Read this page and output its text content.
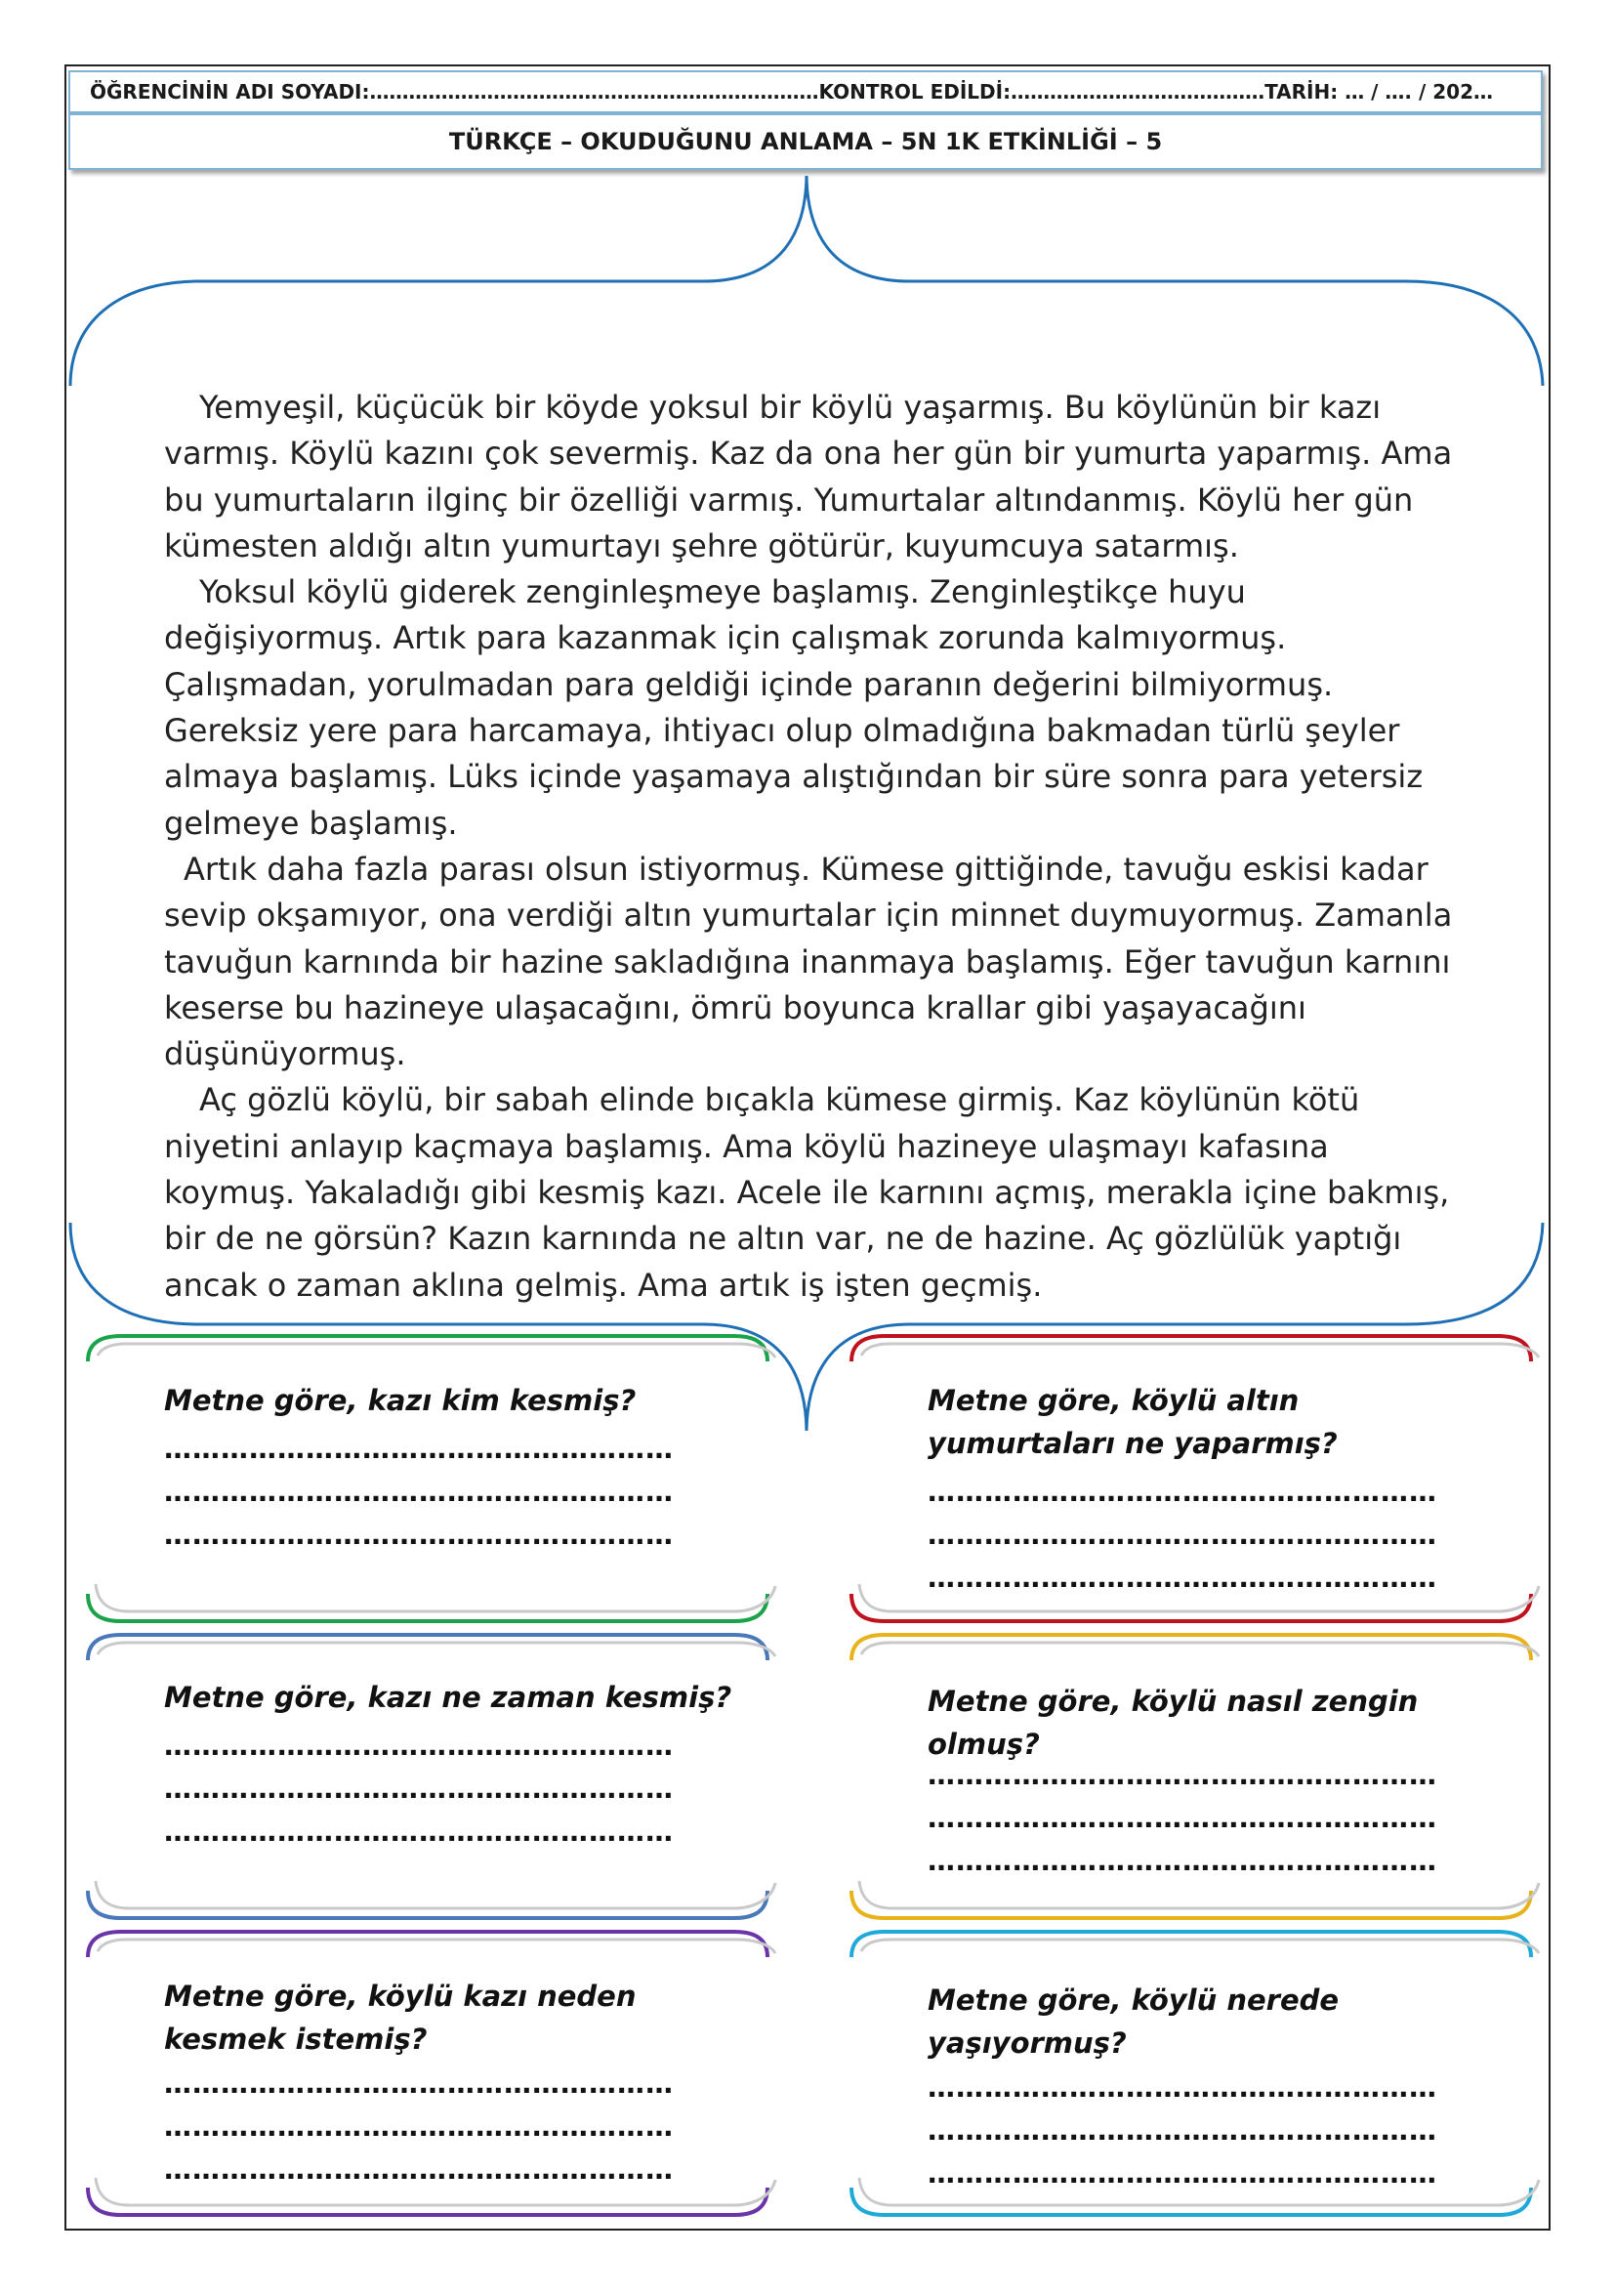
ÖĞRENCİNİN ADI SOYADI:……………………………………………………………KONTROL EDİLDİ:…………………………………TARİH: … / …. / 202…
TÜRKÇE – OKUDUĞUNU ANLAMA – 5N 1K ETKİNLİĞİ – 5

Yemyeşil, küçücük bir köyde yoksul bir köylü yaşarmış. Bu köylünün bir kazı varmış. Köylü kazını çok severmiş. Kaz da ona her gün bir yumurta yaparmış. Ama bu yumurtaların ilginç bir özelliği varmış. Yumurtalar altındanmış. Köylü her gün kümesten aldığı altın yumurtayı şehre götürür, kuyumcuya satarmış.

Yoksul köylü giderek zenginleşmeye başlamış. Zenginleştikçe huyu değişiyormuş. Artık para kazanmak için çalışmak zorunda kalmıyormuş. Çalışmadan, yorulmadan para geldiği içinde paranın değerini bilmiyormuş. Gereksiz yere para harcamaya, ihtiyacı olup olmadığına bakmadan türlü şeyler almaya başlamış. Lüks içinde yaşamaya alıştığından bir süre sonra para yetersiz gelmeye başlamış.

Artık daha fazla parası olsun istiyormuş. Kümese gittiğinde, tavuğu eskisi kadar sevip okşamıyor, ona verdiği altın yumurtalar için minnet duymuyormuş. Zamanla tavuğun karnında bir hazine sakladığına inanmaya başlamış. Eğer tavuğun karnını keserse bu hazineye ulaşacağını, ömrü boyunca krallar gibi yaşayacağını düşünüyormuş.

Aç gözlü köylü, bir sabah elinde bıçakla kümese girmiş. Kaz köylünün kötü niyetini anlayıp kaçmaya başlamış. Ama köylü hazineye ulaşmayı kafasına koymuş. Yakaladığı gibi kesmiş kazı. Acele ile karnını açmış, merakla içine bakmış, bir de ne görsün? Kazın karnında ne altın var, ne de hazine. Aç gözlülük yaptığı ancak o zaman aklına gelmiş. Ama artık iş işten geçmiş.

Metne göre, kazı kim kesmiş?
………………………………………………
………………………………………………
………………………………………………
Metne göre, köylü altın yumurtaları ne yaparmış?
………………………………………………
………………………………………………
………………………………………………
Metne göre, kazı ne zaman kesmiş?
………………………………………………
………………………………………………
………………………………………………
Metne göre, köylü nasıl zengin olmuş?
………………………………………………
………………………………………………
………………………………………………
Metne göre, köylü kazı neden kesmek istemiş?
………………………………………………
………………………………………………
………………………………………………
Metne göre, köylü nerede yaşıyormuş?
………………………………………………
………………………………………………
………………………………………………
